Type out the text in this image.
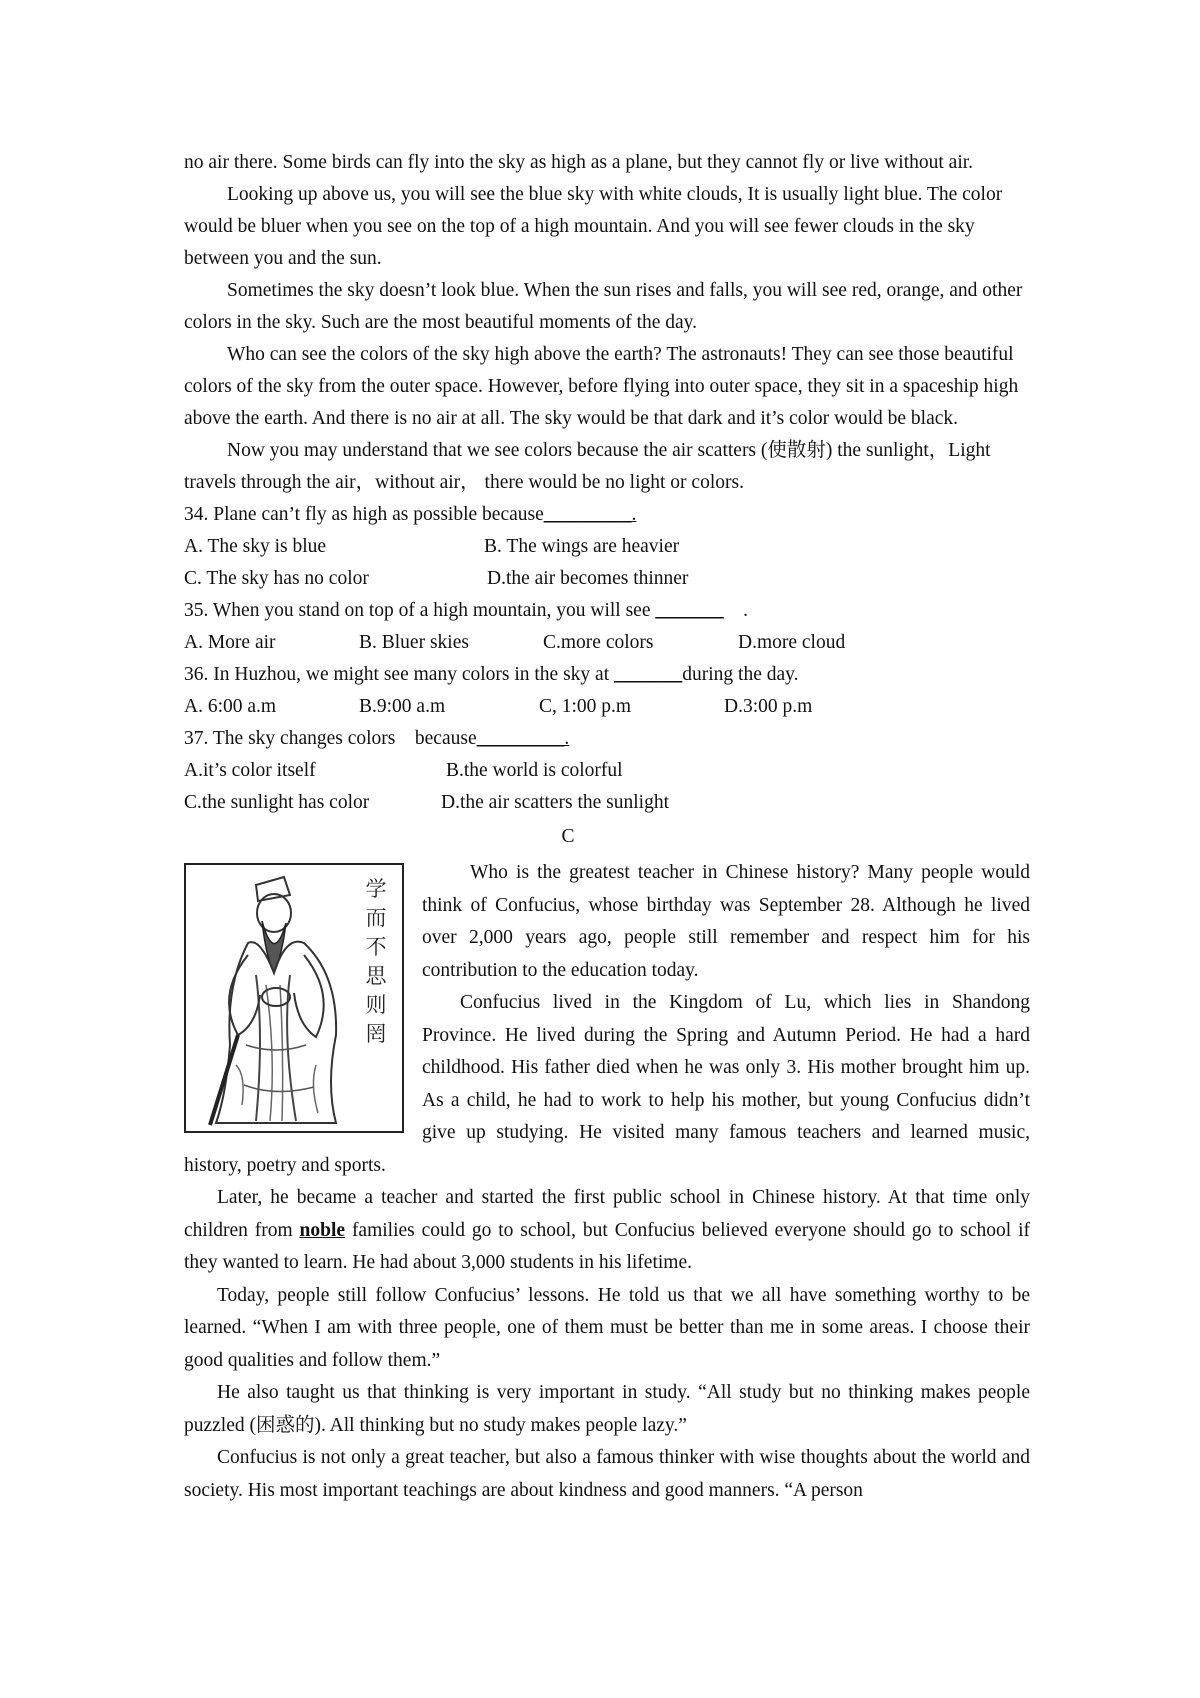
no air there. Some birds can fly into the sky as high as a plane, but they cannot fly or live without air.

Looking up above us, you will see the blue sky with white clouds, It is usually light blue. The color would be bluer when you see on the top of a high mountain. And you will see fewer clouds in the sky between you and the sun.

Sometimes the sky doesn’t look blue. When the sun rises and falls, you will see red, orange, and other colors in the sky. Such are the most beautiful moments of the day.

Who can see the colors of the sky high above the earth? The astronauts! They can see those beautiful colors of the sky from the outer space. However, before flying into outer space, they sit in a spaceship high above the earth. And there is no air at all. The sky would be that dark and it’s color would be black.

Now you may understand that we see colors because the air scatters (使散射) the sunlight，Light travels through the air，without air， there would be no light or colors.

34. Plane can’t fly as high as possible because_________.

A. The sky is blue	B. The wings are heavier
C. The sky has no color	D.the air becomes thinner

35. When you stand on top of a high mountain, you will see _______    .

A. More air	B. Bluer skies	C.more colors	D.more cloud

36. In Huzhou, we might see many colors in the sky at _______during the day.

A. 6:00 a.m	B.9:00 a.m	C, 1:00 p.m	D.3:00 p.m

37. The sky changes colors    because_________.

A.it’s color itself	B.the world is colorful
C.the sunlight has color	D.the air scatters the sunlight

C

学而不思则罔

Who is the greatest teacher in Chinese history? Many people would think of Confucius, whose birthday was September 28. Although he lived over 2,000 years ago, people still remember and respect him for his contribution to the education today.

Confucius lived in the Kingdom of Lu, which lies in Shandong Province. He lived during the Spring and Autumn Period. He had a hard childhood. His father died when he was only 3. His mother brought him up. As a child, he had to work to help his mother, but young Confucius didn’t give up studying. He visited many famous teachers and learned music, history, poetry and sports.

Later, he became a teacher and started the first public school in Chinese history. At that time only children from noble families could go to school, but Confucius believed everyone should go to school if they wanted to learn. He had about 3,000 students in his lifetime.

Today, people still follow Confucius’ lessons. He told us that we all have something worthy to be learned. “When I am with three people, one of them must be better than me in some areas. I choose their good qualities and follow them.”

He also taught us that thinking is very important in study. “All study but no thinking makes people puzzled (困惑的). All thinking but no study makes people lazy.”

Confucius is not only a great teacher, but also a famous thinker with wise thoughts about the world and society. His most important teachings are about kindness and good manners. “A person
